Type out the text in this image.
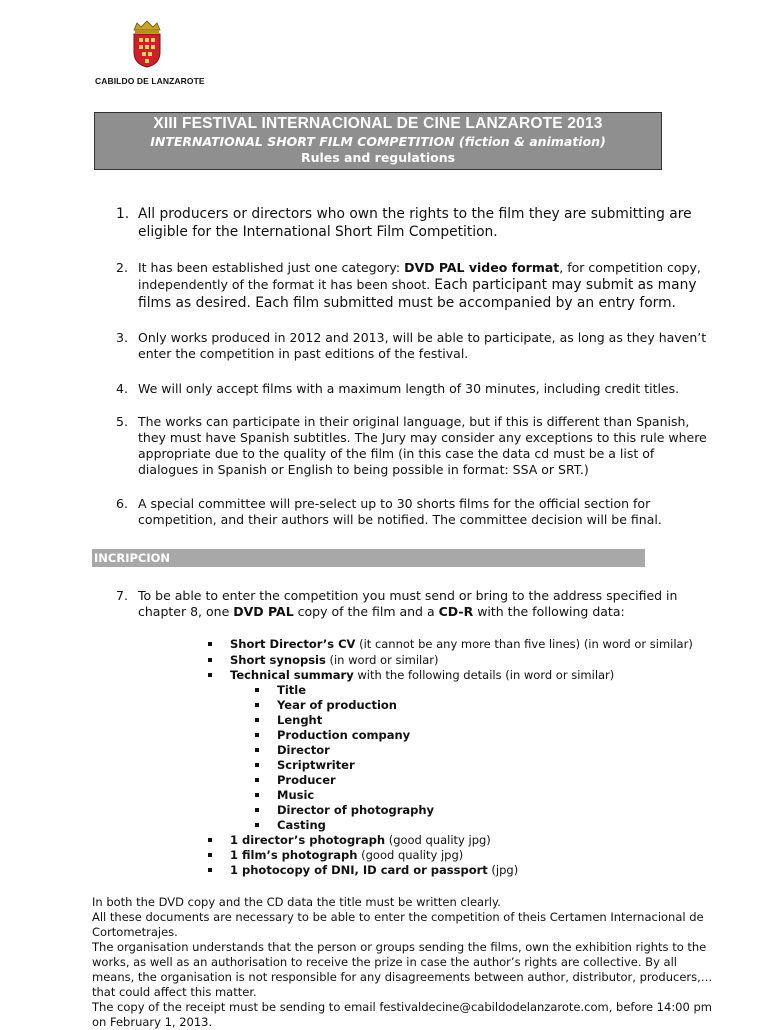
CABILDO DE LANZAROTE
XIII FESTIVAL INTERNACIONAL DE CINE LANZAROTE 2013
INTERNATIONAL SHORT FILM COMPETITION (fiction & animation)
Rules and regulations
1. All producers or directors who own the rights to the film they are submitting are eligible for the International Short Film Competition.
2. It has been established just one category: DVD PAL video format, for competition copy, independently of the format it has been shoot. Each participant may submit as many films as desired. Each film submitted must be accompanied by an entry form.
3. Only works produced in 2012 and 2013, will be able to participate, as long as they haven’t enter the competition in past editions of the festival.
4. We will only accept films with a maximum length of 30 minutes, including credit titles.
5. The works can participate in their original language, but if this is different than Spanish, they must have Spanish subtitles. The Jury may consider any exceptions to this rule where appropriate due to the quality of the film (in this case the data cd must be a list of dialogues in Spanish or English to being possible in format: SSA or SRT.)
6. A special committee will pre-select up to 30 shorts films for the official section for competition, and their authors will be notified. The committee decision will be final.
INCRIPCION
7. To be able to enter the competition you must send or bring to the address specified in chapter 8, one DVD PAL copy of the film and a CD-R with the following data:
Short Director’s CV (it cannot be any more than five lines) (in word or similar)
Short synopsis (in word or similar)
Technical summary with the following details (in word or similar)
Title
Year of production
Lenght
Production company
Director
Scriptwriter
Producer
Music
Director of photography
Casting
1 director’s photograph (good quality jpg)
1 film’s photograph (good quality jpg)
1 photocopy of DNI, ID card or passport (jpg)
In both the DVD copy and the CD data the title must be written clearly.
All these documents are necessary to be able to enter the competition of theis Certamen Internacional de Cortometrajes.
The organisation understands that the person or groups sending the films, own the exhibition rights to the works, as well as an authorisation to receive the prize in case the author’s rights are collective. By all means, the organisation is not responsible for any disagreements between author, distributor, producers,… that could affect this matter.
The copy of the receipt must be sending to email festivaldecine@cabildodelanzarote.com, before 14:00 pm on February 1, 2013.
